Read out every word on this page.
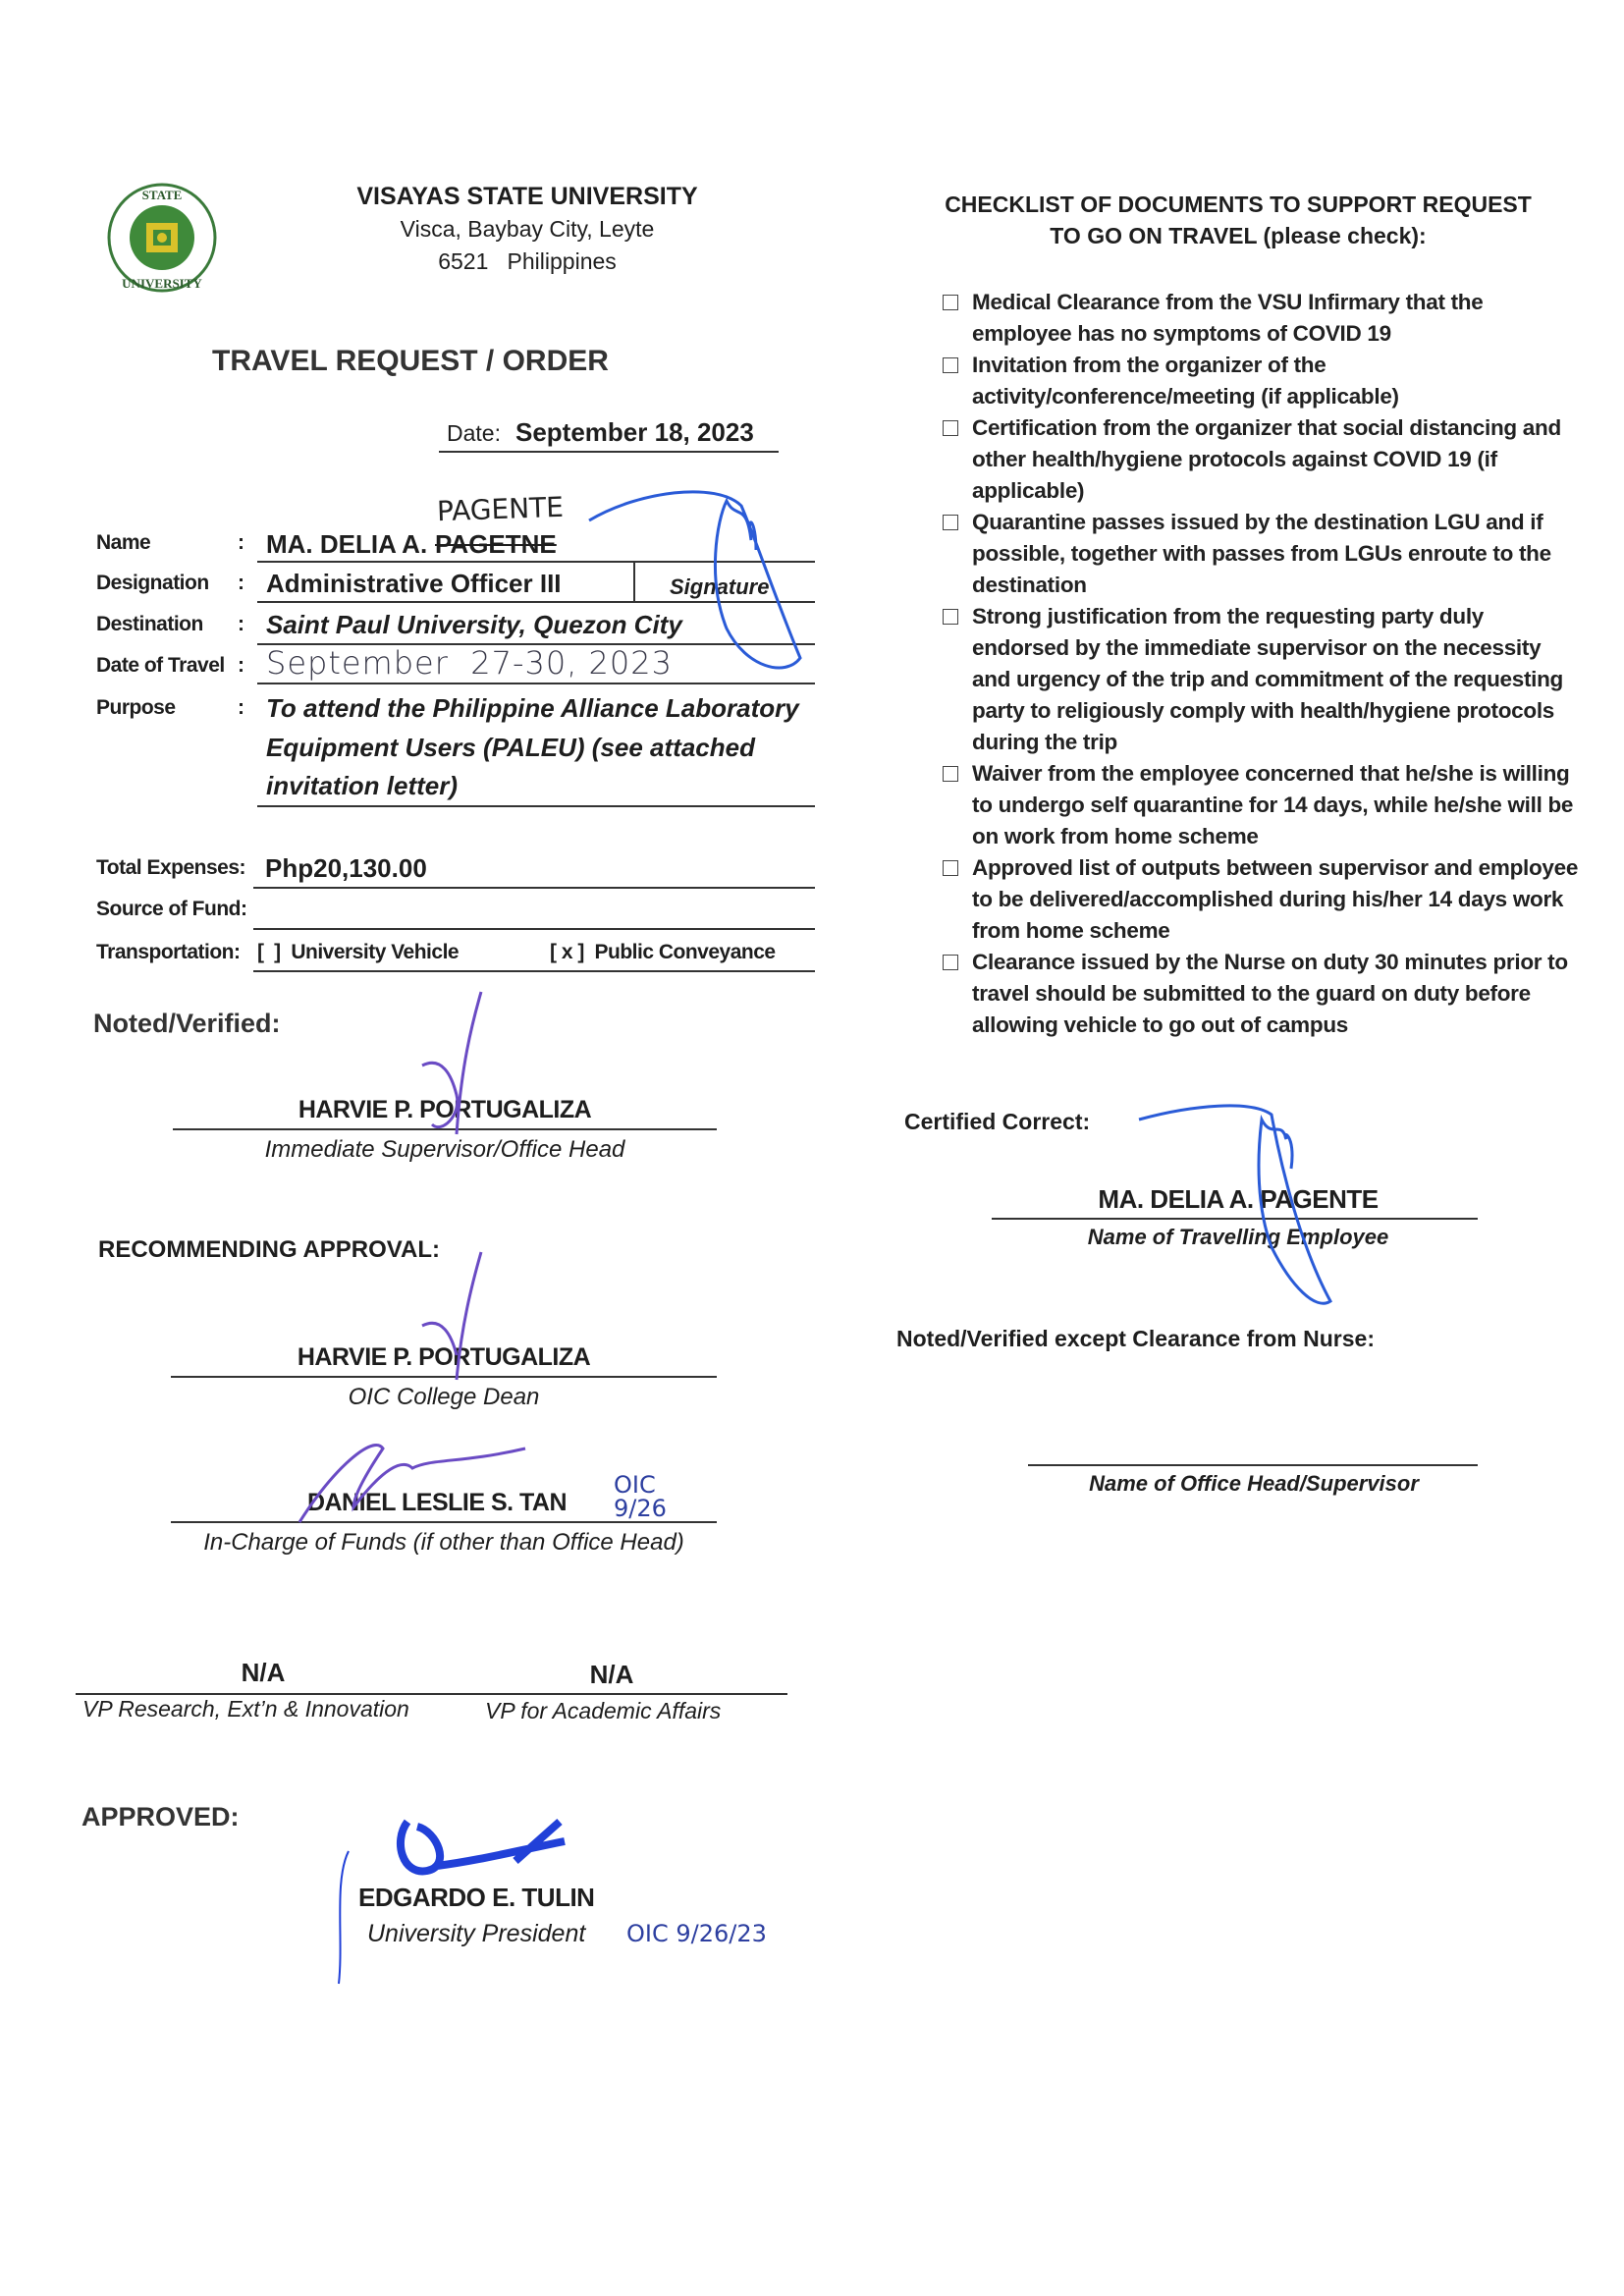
STATE
UNIVERSITY
VISAYAS STATE UNIVERSITY
Visca, Baybay City, Leyte
6521   Philippines
TRAVEL REQUEST / ORDER
Date: September 18, 2023
Name	: MA. DELIA A. PAGETNE
PAGENTE
Designation : Administrative Officer III	Signature
Destination : Saint Paul University, Quezon City
Date of Travel : September  27-30, 2023
Purpose	: To attend the Philippine Alliance Laboratory
Equipment Users (PALEU) (see attached
invitation letter)
Total Expenses: Php20,130.00
Source of Fund:
Transportation: [  ]  University Vehicle	[ x ]  Public Conveyance
Noted/Verified:
HARVIE P. PORTUGALIZA
Immediate Supervisor/Office Head
RECOMMENDING APPROVAL:
HARVIE P. PORTUGALIZA
OIC College Dean
DANIEL LESLIE S. TAN
OIC 9/26
In-Charge of Funds (if other than Office Head)
N/A	N/A
VP Research, Ext’n & Innovation	VP for Academic Affairs
APPROVED:
EDGARDO E. TULIN
University President OIC 9/26/23
CHECKLIST OF DOCUMENTS TO SUPPORT REQUEST
TO GO ON TRAVEL (please check):
Medical Clearance from the VSU Infirmary that the employee has no symptoms of COVID 19
Invitation from the organizer of the activity/conference/meeting (if applicable)
Certification from the organizer that social distancing and other health/hygiene protocols against COVID 19 (if applicable)
Quarantine passes issued by the destination LGU and if possible, together with passes from LGUs enroute to the destination
Strong justification from the requesting party duly endorsed by the immediate supervisor on the necessity and urgency of the trip and commitment of the requesting party to religiously comply with health/hygiene protocols during the trip
Waiver from the employee concerned that he/she is willing to undergo self quarantine for 14 days, while he/she will be on work from home scheme
Approved list of outputs between supervisor and employee to be delivered/accomplished during his/her 14 days work from home scheme
Clearance issued by the Nurse on duty 30 minutes prior to travel should be submitted to the guard on duty before allowing vehicle to go out of campus
Certified Correct:
MA. DELIA A. PAGENTE
Name of Travelling Employee
Noted/Verified except Clearance from Nurse:
Name of Office Head/Supervisor
